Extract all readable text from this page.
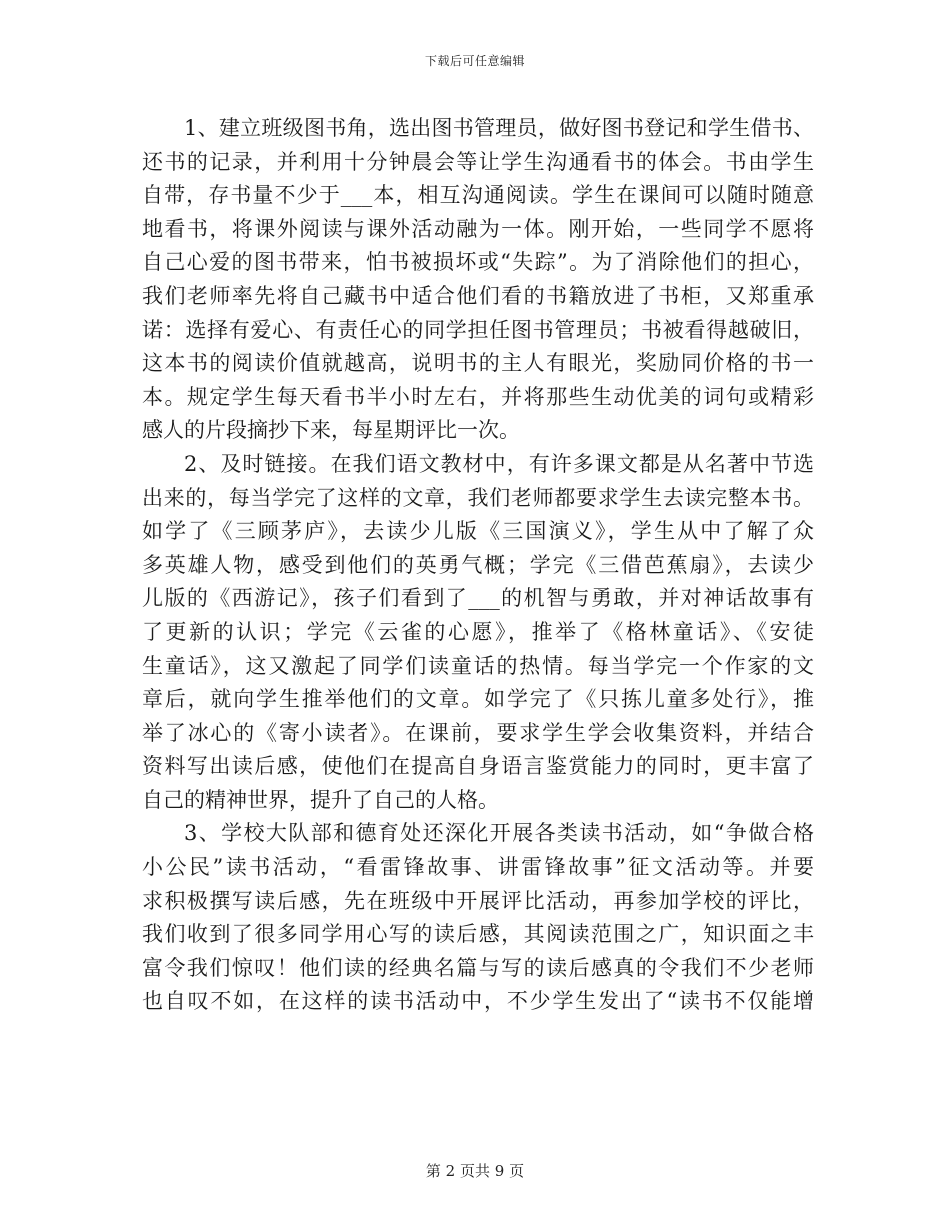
下载后可任意编辑
1、建立班级图书角，选出图书管理员，做好图书登记和学生借书、
还书的记录，并利用十分钟晨会等让学生沟通看书的体会。书由学生
自带，存书量不少于___本，相互沟通阅读。学生在课间可以随时随意
地看书，将课外阅读与课外活动融为一体。刚开始，一些同学不愿将
自己心爱的图书带来，怕书被损坏或“失踪”。为了消除他们的担心，
我们老师率先将自己藏书中适合他们看的书籍放进了书柜，又郑重承
诺：选择有爱心、有责任心的同学担任图书管理员；书被看得越破旧，
这本书的阅读价值就越高，说明书的主人有眼光，奖励同价格的书一
本。规定学生每天看书半小时左右，并将那些生动优美的词句或精彩
感人的片段摘抄下来，每星期评比一次。
2、及时链接。在我们语文教材中，有许多课文都是从名著中节选
出来的，每当学完了这样的文章，我们老师都要求学生去读完整本书。
如学了《三顾茅庐》，去读少儿版《三国演义》，学生从中了解了众
多英雄人物，感受到他们的英勇气概；学完《三借芭蕉扇》，去读少
儿版的《西游记》，孩子们看到了___的机智与勇敢，并对神话故事有
了更新的认识；学完《云雀的心愿》，推举了《格林童话》、《安徒
生童话》，这又激起了同学们读童话的热情。每当学完一个作家的文
章后，就向学生推举他们的文章。如学完了《只拣儿童多处行》，推
举了冰心的《寄小读者》。在课前，要求学生学会收集资料，并结合
资料写出读后感，使他们在提高自身语言鉴赏能力的同时，更丰富了
自己的精神世界，提升了自己的人格。
3、学校大队部和德育处还深化开展各类读书活动，如“争做合格
小公民”读书活动，“看雷锋故事、讲雷锋故事”征文活动等。并要
求积极撰写读后感，先在班级中开展评比活动，再参加学校的评比，
我们收到了很多同学用心写的读后感，其阅读范围之广，知识面之丰
富令我们惊叹！他们读的经典名篇与写的读后感真的令我们不少老师
也自叹不如，在这样的读书活动中，不少学生发出了“读书不仅能增
第 2 页共 9 页
